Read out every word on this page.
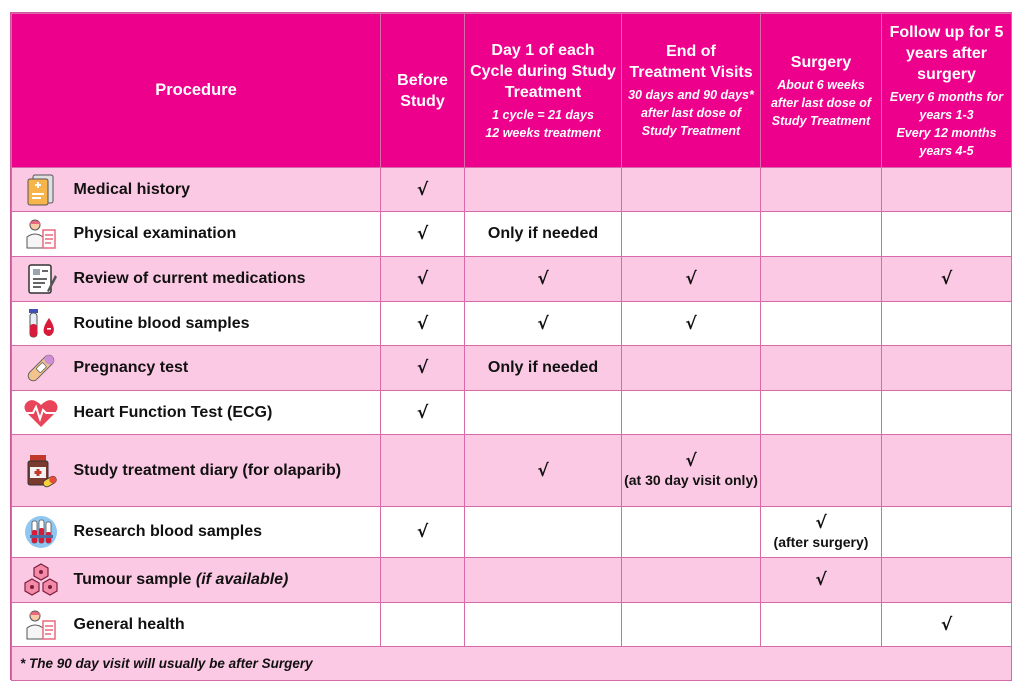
Procedure		Before Study	Day 1 of each Cycle during Study Treatment
1 cycle = 21 days
12 weeks treatment	End of Treatment Visits
30 days and 90 days* after last dose of Study Treatment	Surgery
About 6 weeks after last dose of Study Treatment	Follow up for 5 years after surgery
Every 6 months for years 1-3
Every 12 months years 4-5

	Medical history	√				

	Physical examination	√	Only if needed			

	Review of current medications	√	√	√		√

	Routine blood samples	√	√	√		

	Pregnancy test	√	Only if needed			

	Heart Function Test (ECG)	√				

	Study treatment diary (for olaparib)		√	√
(at 30 day visit only)		

	Research blood samples	√			√
(after surgery)	

	Tumour sample (if available)				√	

	General health					√
* The 90 day visit will usually be after Surgery						
